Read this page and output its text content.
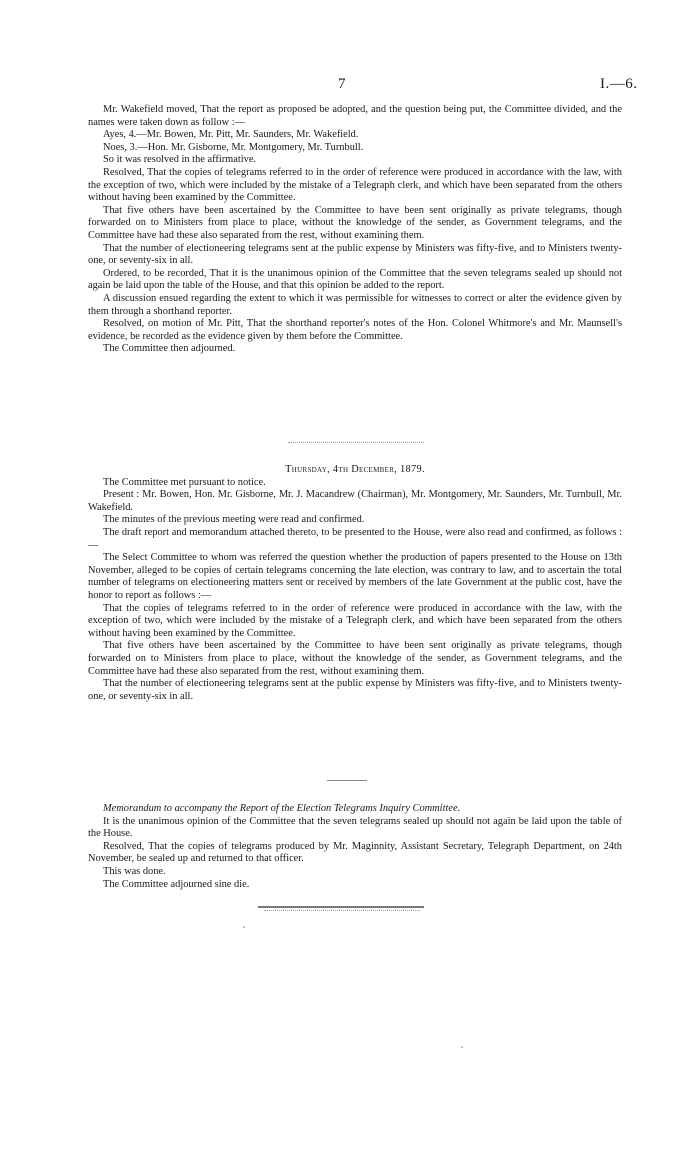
7	I.—6.

Mr. Wakefield moved, That the report as proposed be adopted, and the question being put, the Committee divided, and the names were taken down as follow :—

Ayes, 4.—Mr. Bowen, Mr. Pitt, Mr. Saunders, Mr. Wakefield.

Noes, 3.—Hon. Mr. Gisborne, Mr. Montgomery, Mr. Turnbull.

So it was resolved in the affirmative.

Resolved, That the copies of telegrams referred to in the order of reference were produced in accordance with the law, with the exception of two, which were included by the mistake of a Telegraph clerk, and which have been separated from the others without having been examined by the Committee.

That five others have been ascertained by the Committee to have been sent originally as private telegrams, though forwarded on to Ministers from place to place, without the knowledge of the sender, as Government telegrams, and the Committee have had these also separated from the rest, without examining them.

That the number of electioneering telegrams sent at the public expense by Ministers was fifty-five, and to Ministers twenty-one, or seventy-six in all.

Ordered, to be recorded, That it is the unanimous opinion of the Committee that the seven telegrams sealed up should not again be laid upon the table of the House, and that this opinion be added to the report.

A discussion ensued regarding the extent to which it was permissible for witnesses to correct or alter the evidence given by them through a shorthand reporter.

Resolved, on motion of Mr. Pitt, That the shorthand reporter's notes of the Hon. Colonel Whitmore's and Mr. Maunsell's evidence, be recorded as the evidence given by them before the Committee.

The Committee then adjourned.

Thursday, 4th December, 1879.

The Committee met pursuant to notice.

Present : Mr. Bowen, Hon. Mr. Gisborne, Mr. J. Macandrew (Chairman), Mr. Montgomery, Mr. Saunders, Mr. Turnbull, Mr. Wakefield.

The minutes of the previous meeting were read and confirmed.

The draft report and memorandum attached thereto, to be presented to the House, were also read and confirmed, as follows :—

The Select Committee to whom was referred the question whether the production of papers presented to the House on 13th November, alleged to be copies of certain telegrams concerning the late election, was contrary to law, and to ascertain the total number of telegrams on electioneering matters sent or received by members of the late Government at the public cost, have the honor to report as follows :—

That the copies of telegrams referred to in the order of reference were produced in accordance with the law, with the exception of two, which were included by the mistake of a Telegraph clerk, and which have been separated from the others without having been examined by the Committee.

That five others have been ascertained by the Committee to have been sent originally as private telegrams, though forwarded on to Ministers from place to place, without the knowledge of the sender, as Government telegrams, and the Committee have had these also separated from the rest, without examining them.

That the number of electioneering telegrams sent at the public expense by Ministers was fifty-five, and to Ministers twenty-one, or seventy-six in all.

Memorandum to accompany the Report of the Election Telegrams Inquiry Committee.

It is the unanimous opinion of the Committee that the seven telegrams sealed up should not again be laid upon the table of the House.

Resolved, That the copies of telegrams produced by Mr. Maginnity, Assistant Secretary, Telegraph Department, on 24th November, be sealed up and returned to that officer.

This was done.

The Committee adjourned sine die.
